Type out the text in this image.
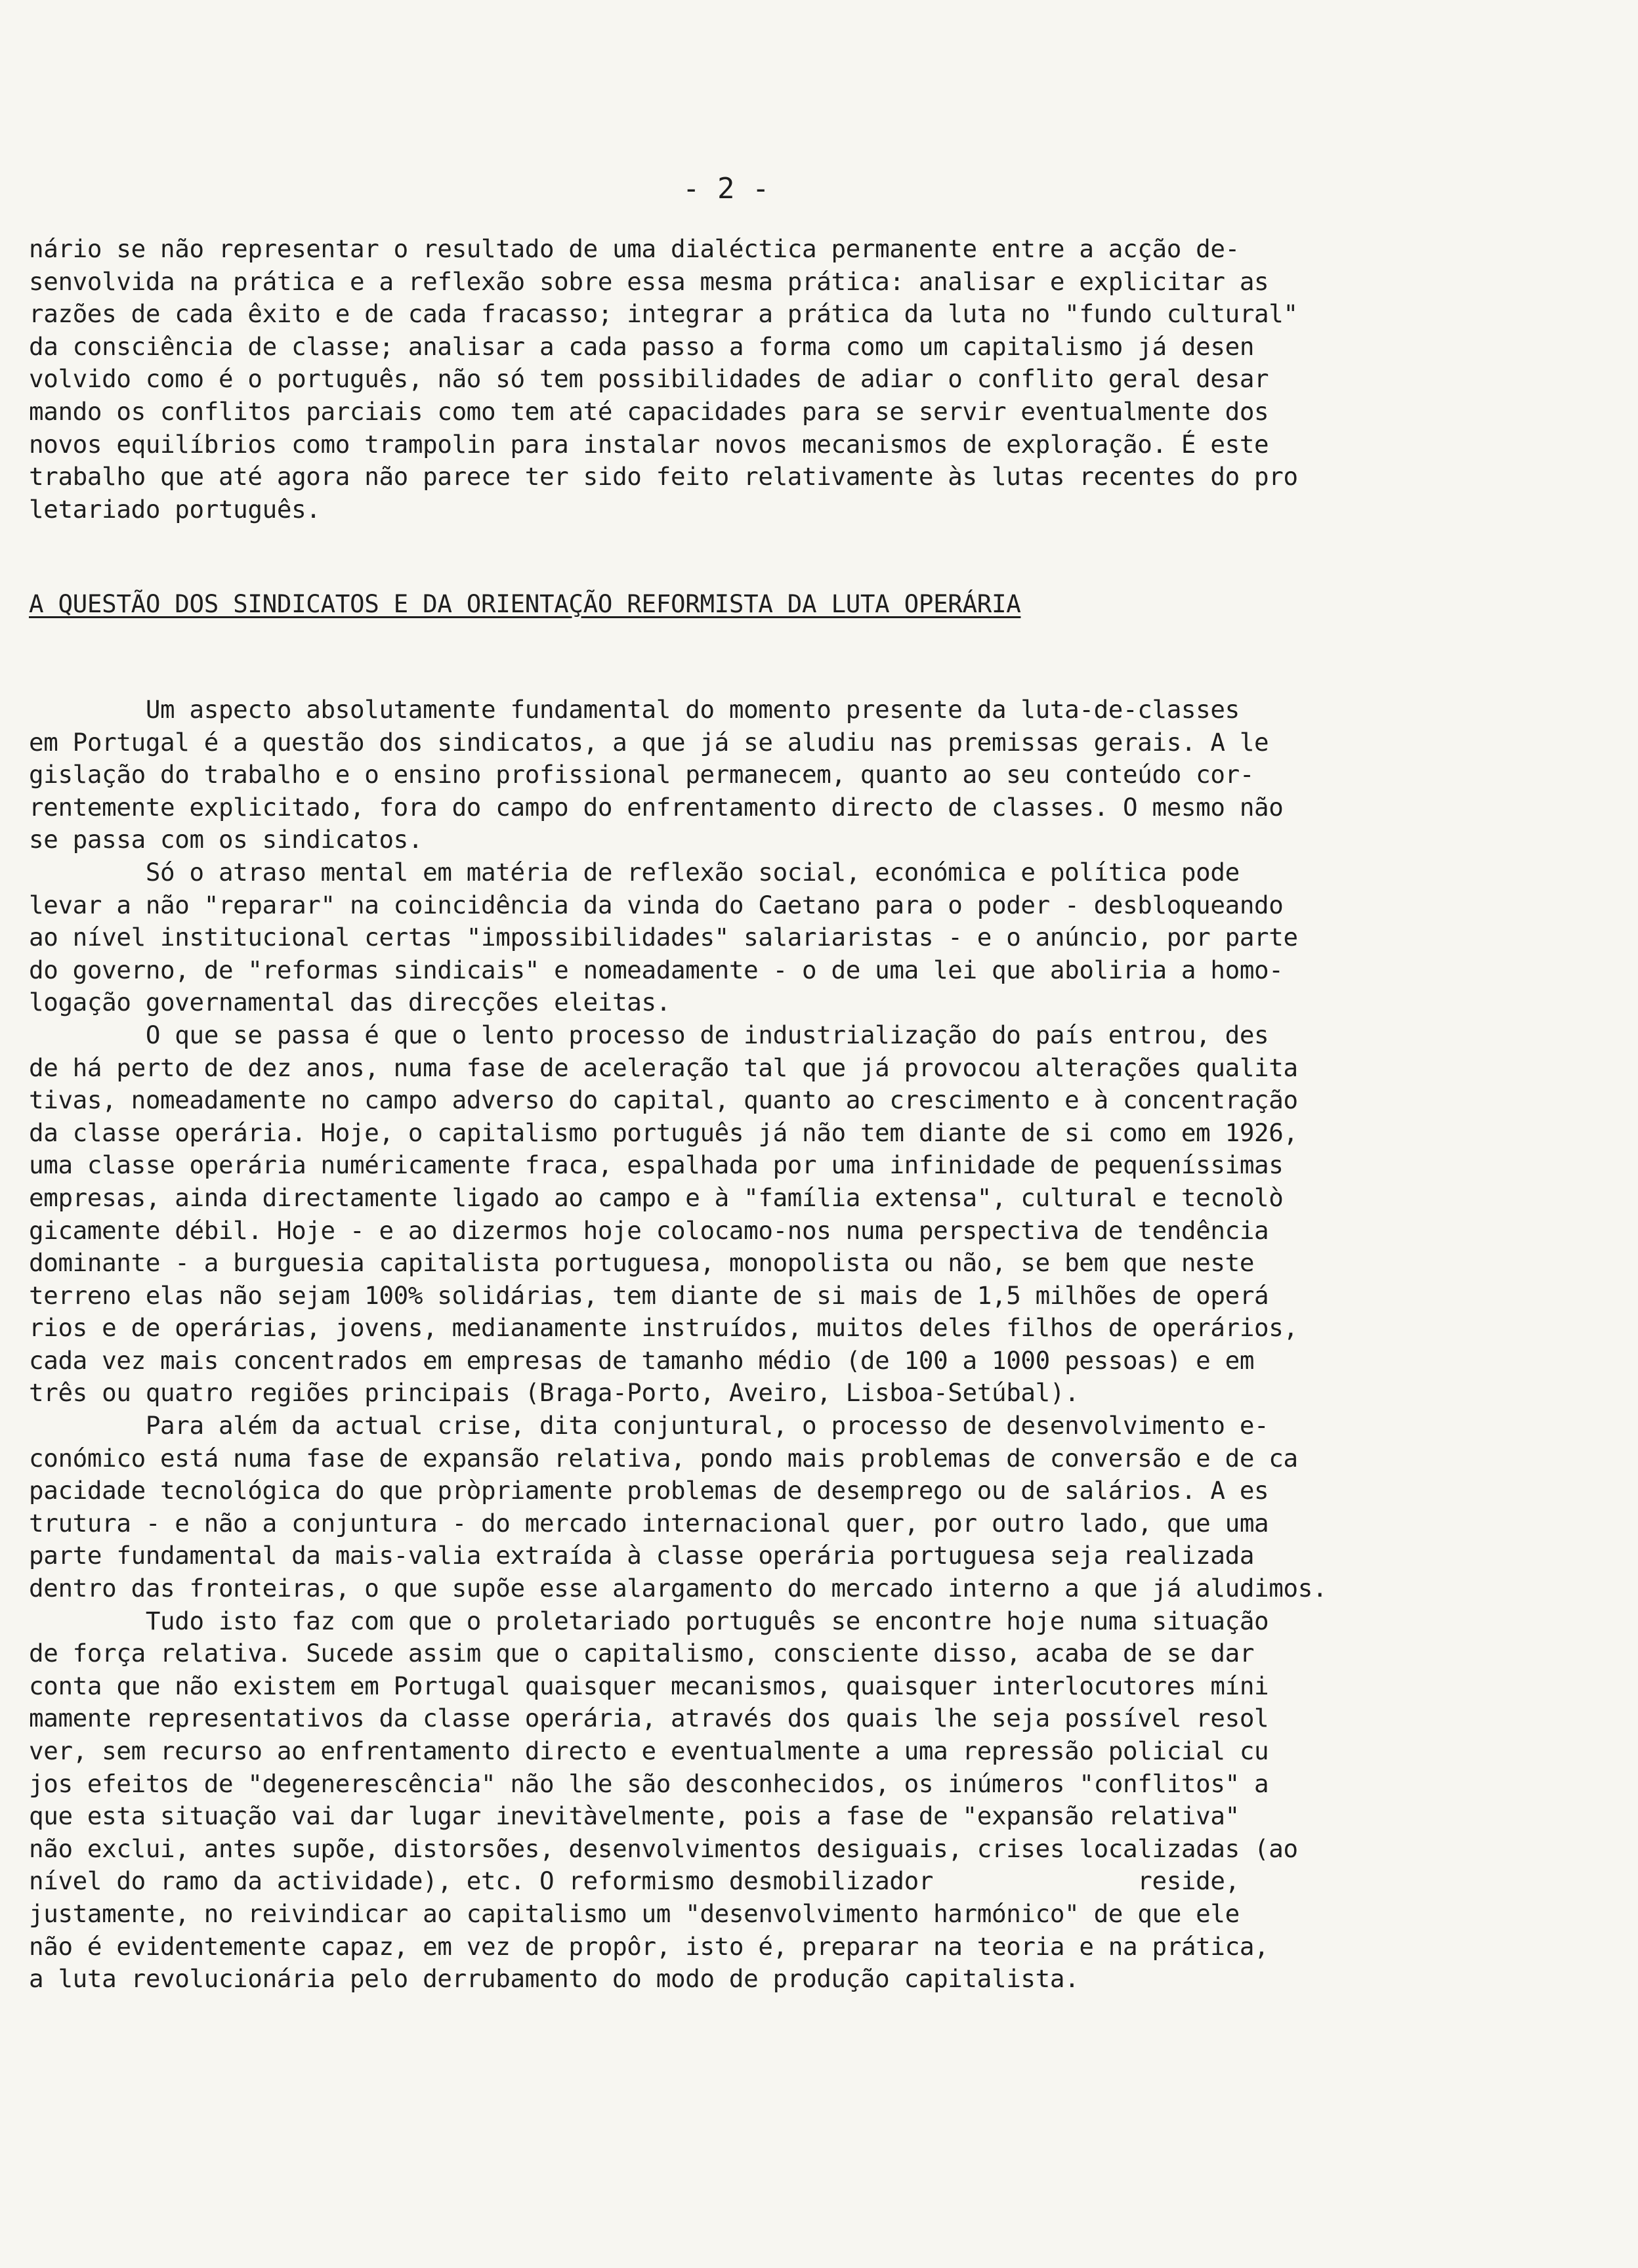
- 2 -
nário se não representar o resultado de uma dialéctica permanente entre a acção de-
senvolvida na prática e a reflexão sobre essa mesma prática: analisar e explicitar as
razões de cada êxito e de cada fracasso; integrar a prática da luta no "fundo cultural"
da consciência de classe; analisar a cada passo a forma como um capitalismo já desen
volvido como é o português, não só tem possibilidades de adiar o conflito geral desar
mando os conflitos parciais como tem até capacidades para se servir eventualmente dos
novos equilíbrios como trampolin para instalar novos mecanismos de exploração. É este
trabalho que até agora não parece ter sido feito relativamente às lutas recentes do pro
letariado português.
A QUESTÃO DOS SINDICATOS E DA ORIENTAÇÃO REFORMISTA DA LUTA OPERÁRIA
Um aspecto absolutamente fundamental do momento presente da luta-de-classes
em Portugal é a questão dos sindicatos, a que já se aludiu nas premissas gerais. A le
gislação do trabalho e o ensino profissional permanecem, quanto ao seu conteúdo cor-
rentemente explicitado, fora do campo do enfrentamento directo de classes. O mesmo não
se passa com os sindicatos.
Só o atraso mental em matéria de reflexão social, económica e política pode
levar a não "reparar" na coincidência da vinda do Caetano para o poder - desbloqueando
ao nível institucional certas "impossibilidades" salariaristas - e o anúncio, por parte
do governo, de "reformas sindicais" e nomeadamente - o de uma lei que aboliria a homo-
logação governamental das direcções eleitas.
O que se passa é que o lento processo de industrialização do país entrou, des
de há perto de dez anos, numa fase de aceleração tal que já provocou alterações qualita
tivas, nomeadamente no campo adverso do capital, quanto ao crescimento e à concentração
da classe operária. Hoje, o capitalismo português já não tem diante de si como em 1926,
uma classe operária numéricamente fraca, espalhada por uma infinidade de pequeníssimas
empresas, ainda directamente ligado ao campo e à "família extensa", cultural e tecnolò
gicamente débil. Hoje - e ao dizermos hoje colocamo-nos numa perspectiva de tendência
dominante - a burguesia capitalista portuguesa, monopolista ou não, se bem que neste
terreno elas não sejam 100% solidárias, tem diante de si mais de 1,5 milhões de operá
rios e de operárias, jovens, medianamente instruídos, muitos deles filhos de operários,
cada vez mais concentrados em empresas de tamanho médio (de 100 a 1000 pessoas) e em
três ou quatro regiões principais (Braga-Porto, Aveiro, Lisboa-Setúbal).
Para além da actual crise, dita conjuntural, o processo de desenvolvimento e-
conómico está numa fase de expansão relativa, pondo mais problemas de conversão e de ca
pacidade tecnológica do que pròpriamente problemas de desemprego ou de salários. A es
trutura - e não a conjuntura - do mercado internacional quer, por outro lado, que uma
parte fundamental da mais-valia extraída à classe operária portuguesa seja realizada
dentro das fronteiras, o que supõe esse alargamento do mercado interno a que já aludimos.
Tudo isto faz com que o proletariado português se encontre hoje numa situação
de força relativa. Sucede assim que o capitalismo, consciente disso, acaba de se dar
conta que não existem em Portugal quaisquer mecanismos, quaisquer interlocutores míni
mamente representativos da classe operária, através dos quais lhe seja possível resol
ver, sem recurso ao enfrentamento directo e eventualmente a uma repressão policial cu
jos efeitos de "degenerescência" não lhe são desconhecidos, os inúmeros "conflitos" a
que esta situação vai dar lugar inevitàvelmente, pois a fase de "expansão relativa"
não exclui, antes supõe, distorsões, desenvolvimentos desiguais, crises localizadas (ao
nível do ramo da actividade), etc. O reformismo desmobilizador              reside,
justamente, no reivindicar ao capitalismo um "desenvolvimento harmónico" de que ele
não é evidentemente capaz, em vez de propôr, isto é, preparar na teoria e na prática,
a luta revolucionária pelo derrubamento do modo de produção capitalista.
